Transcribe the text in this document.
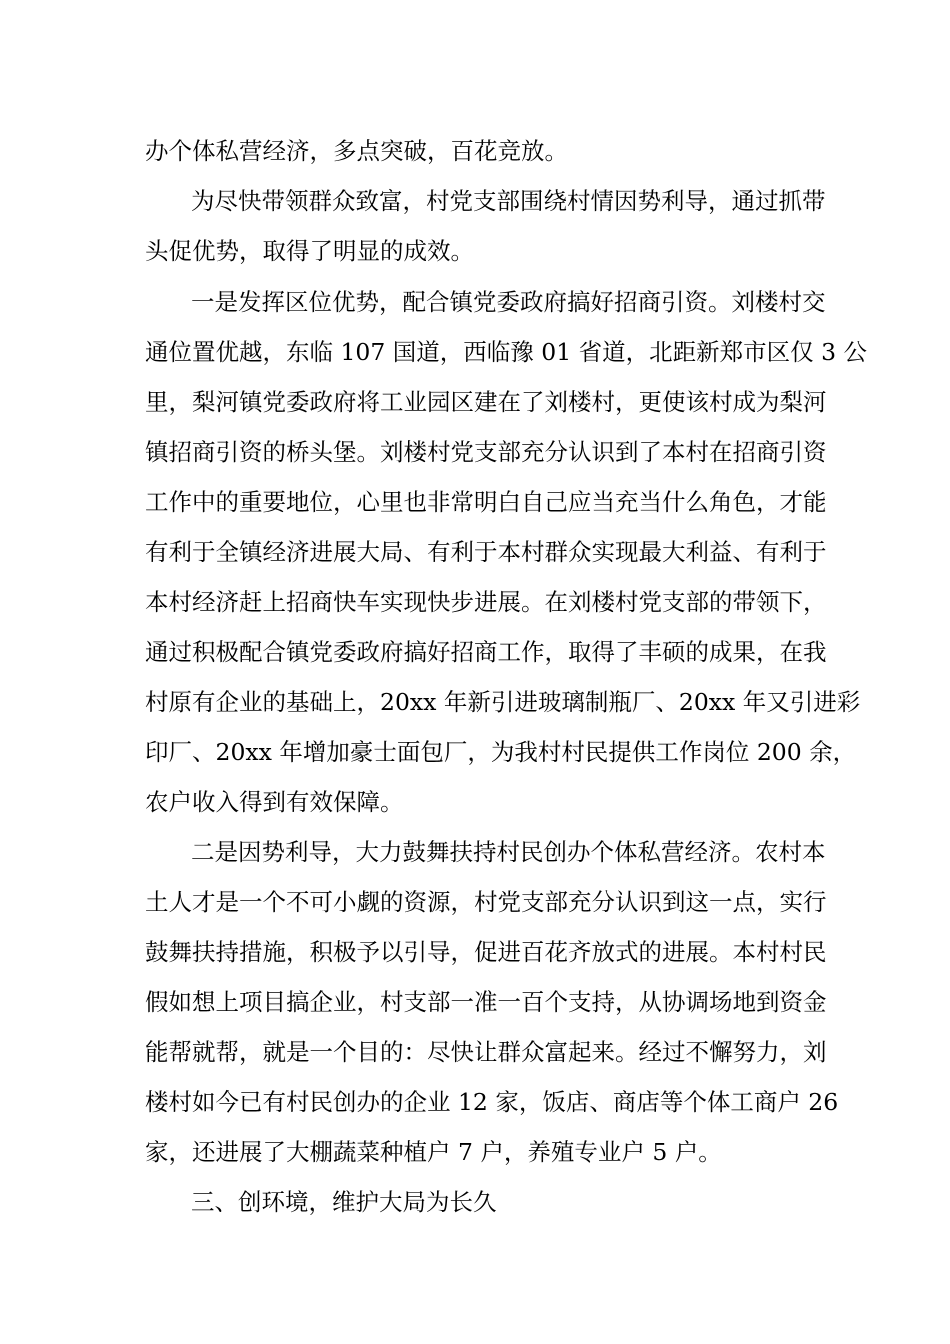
办个体私营经济，多点突破，百花竞放。
为尽快带领群众致富，村党支部围绕村情因势利导，通过抓带
头促优势，取得了明显的成效。
一是发挥区位优势，配合镇党委政府搞好招商引资。刘楼村交
通位置优越，东临 107 国道，西临豫 01 省道，北距新郑市区仅 3 公
里，梨河镇党委政府将工业园区建在了刘楼村，更使该村成为梨河
镇招商引资的桥头堡。刘楼村党支部充分认识到了本村在招商引资
工作中的重要地位，心里也非常明白自己应当充当什么角色，才能
有利于全镇经济进展大局、有利于本村群众实现最大利益、有利于
本村经济赶上招商快车实现快步进展。在刘楼村党支部的带领下，
通过积极配合镇党委政府搞好招商工作，取得了丰硕的成果，在我
村原有企业的基础上，20xx 年新引进玻璃制瓶厂、20xx 年又引进彩
印厂、20xx 年增加豪士面包厂，为我村村民提供工作岗位 200 余，
农户收入得到有效保障。
二是因势利导，大力鼓舞扶持村民创办个体私营经济。农村本
土人才是一个不可小觑的资源，村党支部充分认识到这一点，实行
鼓舞扶持措施，积极予以引导，促进百花齐放式的进展。本村村民
假如想上项目搞企业，村支部一准一百个支持，从协调场地到资金
能帮就帮，就是一个目的：尽快让群众富起来。经过不懈努力，刘
楼村如今已有村民创办的企业 12 家，饭店、商店等个体工商户 26
家，还进展了大棚蔬菜种植户 7 户，养殖专业户 5 户。
三、创环境，维护大局为长久
